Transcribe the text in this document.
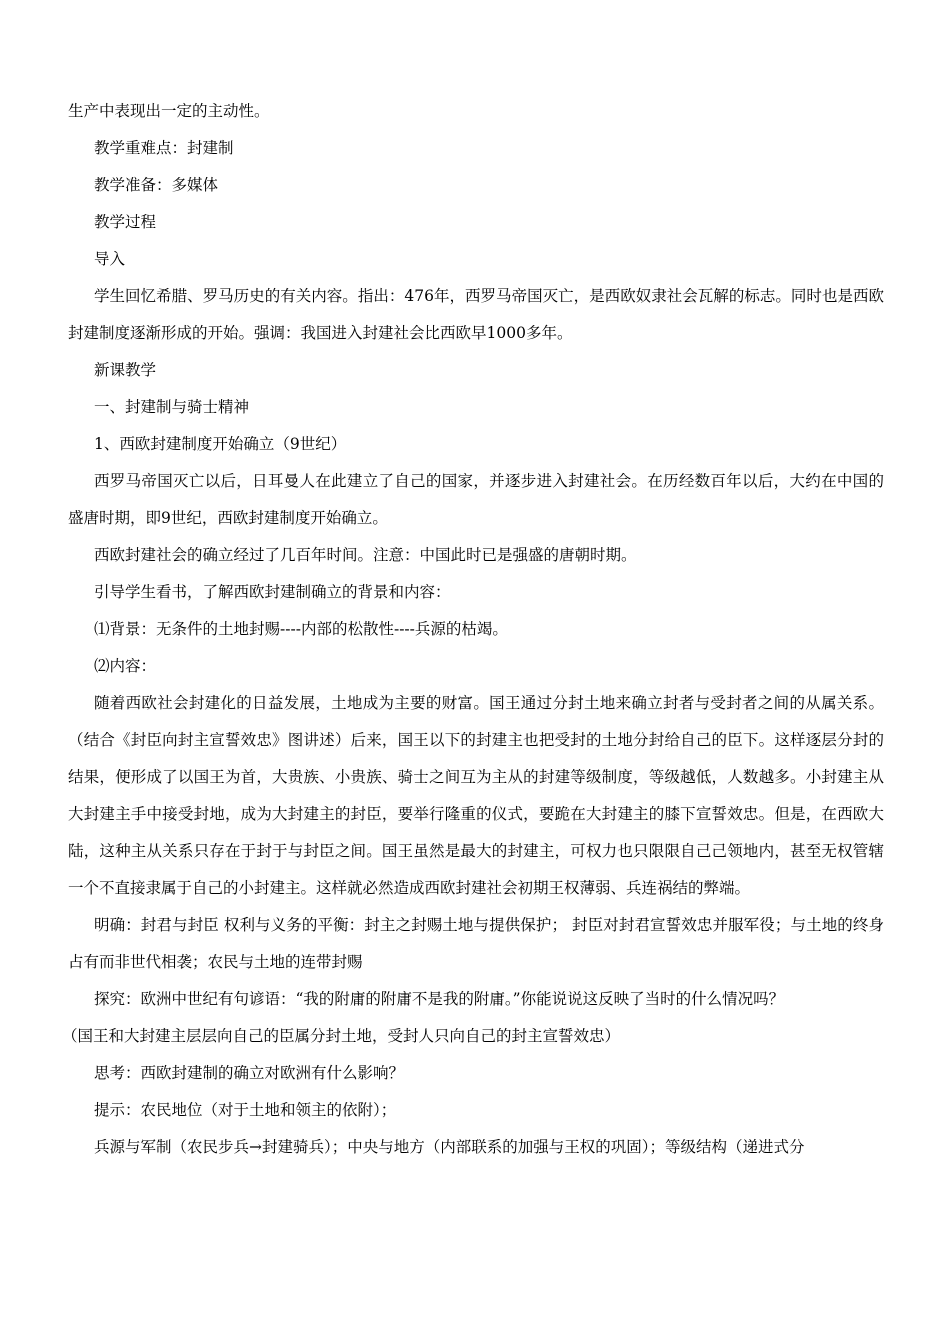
生产中表现出一定的主动性。

教学重难点：封建制

教学准备：多媒体

教学过程

导入

学生回忆希腊、罗马历史的有关内容。指出：476年，西罗马帝国灭亡，是西欧奴隶社会瓦解的标志。同时也是西欧封建制度逐渐形成的开始。强调：我国进入封建社会比西欧早1000多年。

新课教学

一、封建制与骑士精神

1、西欧封建制度开始确立（9世纪）

西罗马帝国灭亡以后，日耳曼人在此建立了自己的国家，并逐步进入封建社会。在历经数百年以后，大约在中国的盛唐时期，即9世纪，西欧封建制度开始确立。

西欧封建社会的确立经过了几百年时间。注意：中国此时已是强盛的唐朝时期。

引导学生看书，了解西欧封建制确立的背景和内容：

⑴背景：无条件的土地封赐----内部的松散性----兵源的枯竭。

⑵内容：

随着西欧社会封建化的日益发展，土地成为主要的财富。国王通过分封土地来确立封者与受封者之间的从属关系。（结合《封臣向封主宣誓效忠》图讲述）后来，国王以下的封建主也把受封的土地分封给自己的臣下。这样逐层分封的结果，便形成了以国王为首，大贵族、小贵族、骑士之间互为主从的封建等级制度，等级越低，人数越多。小封建主从大封建主手中接受封地，成为大封建主的封臣，要举行隆重的仪式，要跪在大封建主的膝下宣誓效忠。但是，在西欧大陆，这种主从关系只存在于封于与封臣之间。国王虽然是最大的封建主，可权力也只限限自己己领地内，甚至无权管辖一个不直接隶属于自己的小封建主。这样就必然造成西欧封建社会初期王权薄弱、兵连祸结的弊端。

明确：封君与封臣 权利与义务的平衡：封主之封赐土地与提供保护； 封臣对封君宣誓效忠并服军役；与土地的终身占有而非世代相袭；农民与土地的连带封赐

探究：欧洲中世纪有句谚语：“我的附庸的附庸不是我的附庸。”你能说说这反映了当时的什么情况吗？

（国王和大封建主层层向自己的臣属分封土地，受封人只向自己的封主宣誓效忠）

思考：西欧封建制的确立对欧洲有什么影响？

提示：农民地位（对于土地和领主的依附）；

兵源与军制（农民步兵→封建骑兵）；中央与地方（内部联系的加强与王权的巩固）；等级结构（递进式分
